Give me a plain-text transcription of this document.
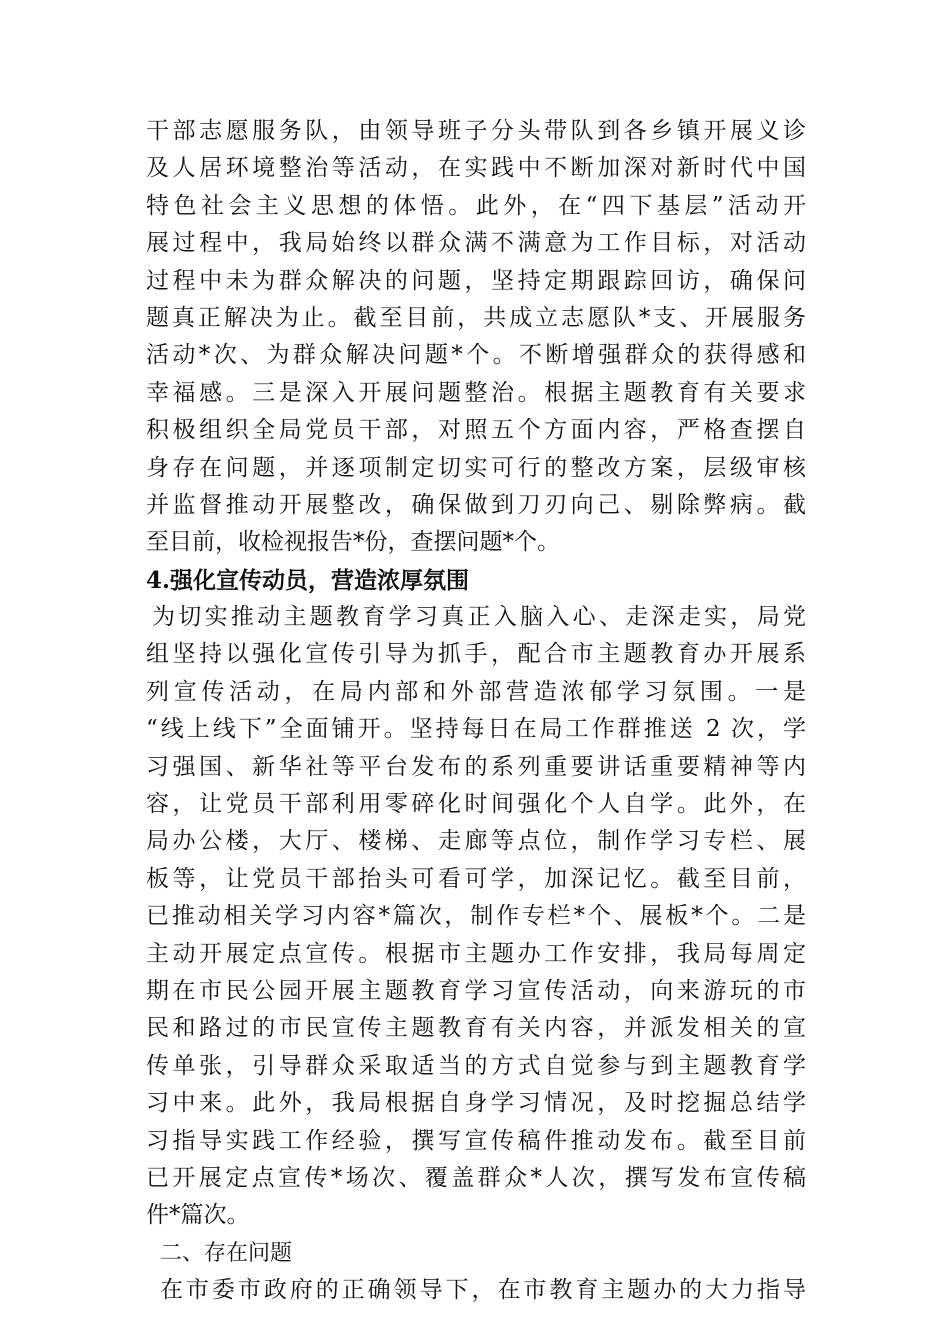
干部志愿服务队，由领导班子分头带队到各乡镇开展义诊
及人居环境整治等活动，在实践中不断加深对新时代中国
特色社会主义思想的体悟。此外，在“四下基层”活动开
展过程中，我局始终以群众满不满意为工作目标，对活动
过程中未为群众解决的问题，坚持定期跟踪回访，确保问
题真正解决为止。截至目前，共成立志愿队*支、开展服务
活动*次、为群众解决问题*个。不断增强群众的获得感和
幸福感。三是深入开展问题整治。根据主题教育有关要求
积极组织全局党员干部，对照五个方面内容，严格查摆自
身存在问题，并逐项制定切实可行的整改方案，层级审核
并监督推动开展整改，确保做到刀刃向己、剔除弊病。截
至目前，收检视报告*份，查摆问题*个。
4.强化宣传动员，营造浓厚氛围
为切实推动主题教育学习真正入脑入心、走深走实，局党
组坚持以强化宣传引导为抓手，配合市主题教育办开展系
列宣传活动，在局内部和外部营造浓郁学习氛围。一是
“线上线下”全面铺开。坚持每日在局工作群推送 2 次，学
习强国、新华社等平台发布的系列重要讲话重要精神等内
容，让党员干部利用零碎化时间强化个人自学。此外，在
局办公楼，大厅、楼梯、走廊等点位，制作学习专栏、展
板等，让党员干部抬头可看可学，加深记忆。截至目前，
已推动相关学习内容*篇次，制作专栏*个、展板*个。二是
主动开展定点宣传。根据市主题办工作安排，我局每周定
期在市民公园开展主题教育学习宣传活动，向来游玩的市
民和路过的市民宣传主题教育有关内容，并派发相关的宣
传单张，引导群众采取适当的方式自觉参与到主题教育学
习中来。此外，我局根据自身学习情况，及时挖掘总结学
习指导实践工作经验，撰写宣传稿件推动发布。截至目前
已开展定点宣传*场次、覆盖群众*人次，撰写发布宣传稿
件*篇次。
二、存在问题
在市委市政府的正确领导下，在市教育主题办的大力指导
